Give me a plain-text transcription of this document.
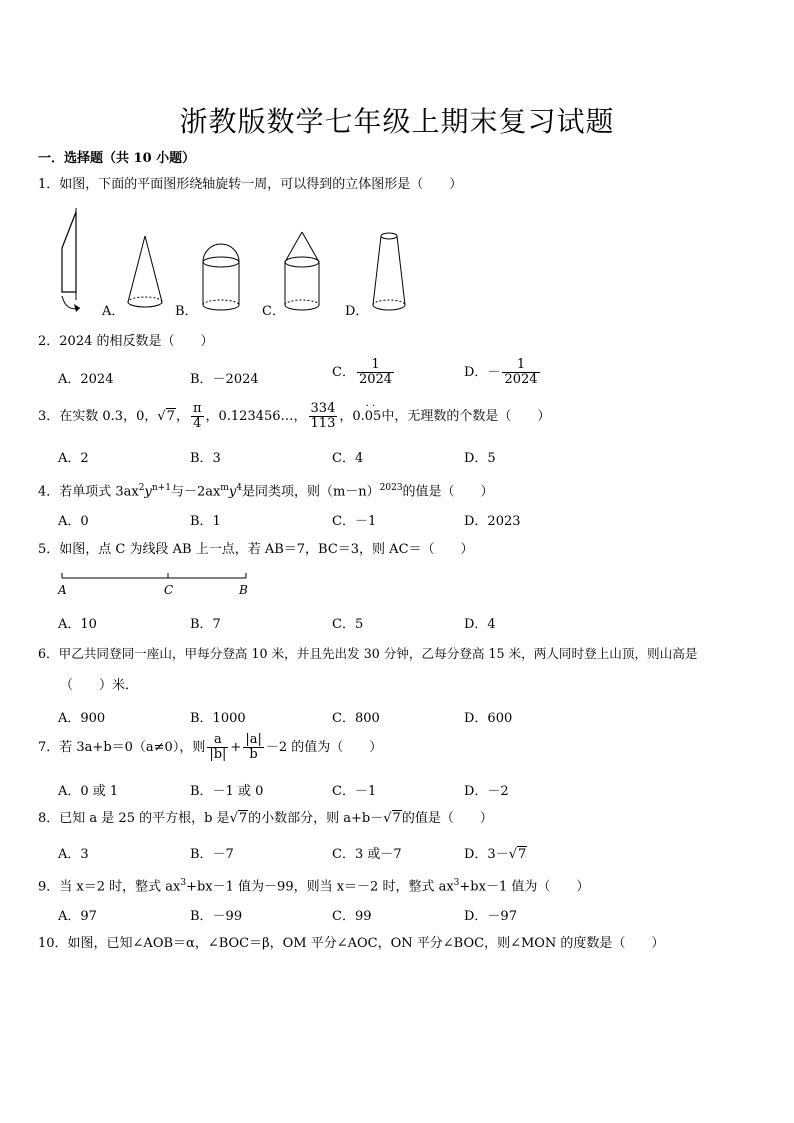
浙教版数学七年级上期末复习试题
一．选择题（共 10 小题）
1．如图，下面的平面图形绕轴旋转一周，可以得到的立体图形是（　　）
A．	B．	C．	D．
2．2024 的相反数是（　　）
A．2024	B．－2024	C． $\frac{1}{2024}$	D．－ $\frac{1}{2024}$
3．在实数 0.3，0，√7， $\frac{\pi}{4}$ ，0.123456…， $\frac{334}{113}$ ，0.
··
05中，无理数的个数是（　　）
A．2	B．3	C．4	D．5
4．若单项式 $3ax^2y^{n+1}$与$-2ax^my^4$是同类项，则$(m-n)^{2023}$的值是（　　）
A．0	B．1	C．－1	D．2023
5．如图，点 C 为线段 AB 上一点，若 AB＝7，BC＝3，则 AC＝（　　）
A	C	B
A．10	B．7	C．5	D．4
6．甲乙共同登同一座山，甲每分登高 10 米，并且先出发 30 分钟，乙每分登高 15 米，两人同时登上山顶，则山高是
（　　）米．
A．900	B．1000	C．800	D．600
7．若 3a+b＝0（a≠0），则 $\frac{a}{|b|} + \frac{|a|}{b} -2$ 的值为（　　）
A．0 或 1	B．－1 或 0	C．－1	D．－2
8．已知 a 是 25 的平方根，b 是√7的小数部分，则 a+b－√7的值是（　　）
A．3	B．－7	C．3 或－7	D．3－√7
9．当 x＝2 时，整式 $ax^3+bx-1$ 值为－99，则当 x＝－2 时，整式 $ax^3+bx-1$ 值为（　　）
A．97	B．－99	C．99	D．－97
10．如图，已知∠AOB＝α，∠BOC＝β，OM 平分∠AOC，ON 平分∠BOC，则∠MON 的度数是（　　）
